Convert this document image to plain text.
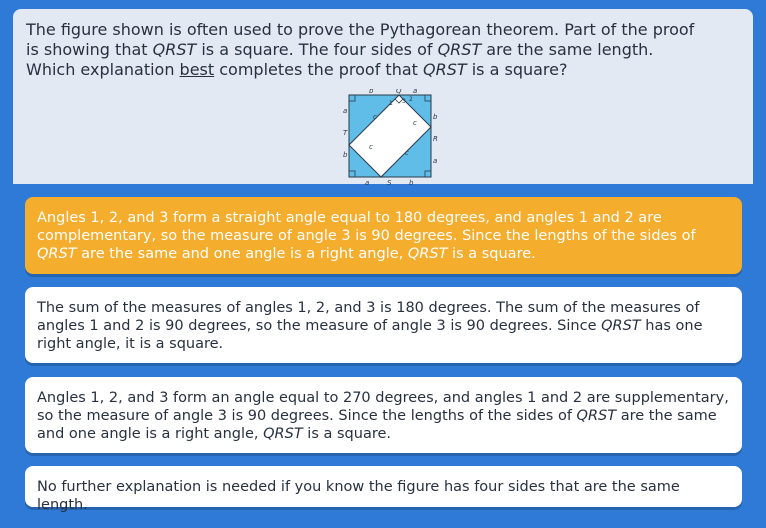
The figure shown is often used to prove the Pythagorean theorem. Part of the proof is showing that QRST is a square. The four sides of QRST are the same length. Which explanation best completes the proof that QRST is a square?
b	Q a
a
T
b
b
R
a
a	S	b
c
c
c
c
1 3 2
Angles 1, 2, and 3 form a straight angle equal to 180 degrees, and angles 1 and 2 are complementary, so the measure of angle 3 is 90 degrees. Since the lengths of the sides of QRST are the same and one angle is a right angle, QRST is a square.
The sum of the measures of angles 1, 2, and 3 is 180 degrees. The sum of the measures of angles 1 and 2 is 90 degrees, so the measure of angle 3 is 90 degrees. Since QRST has one right angle, it is a square.
Angles 1, 2, and 3 form an angle equal to 270 degrees, and angles 1 and 2 are supplementary, so the measure of angle 3 is 90 degrees. Since the lengths of the sides of QRST are the same and one angle is a right angle, QRST is a square.
No further explanation is needed if you know the figure has four sides that are the same length.
